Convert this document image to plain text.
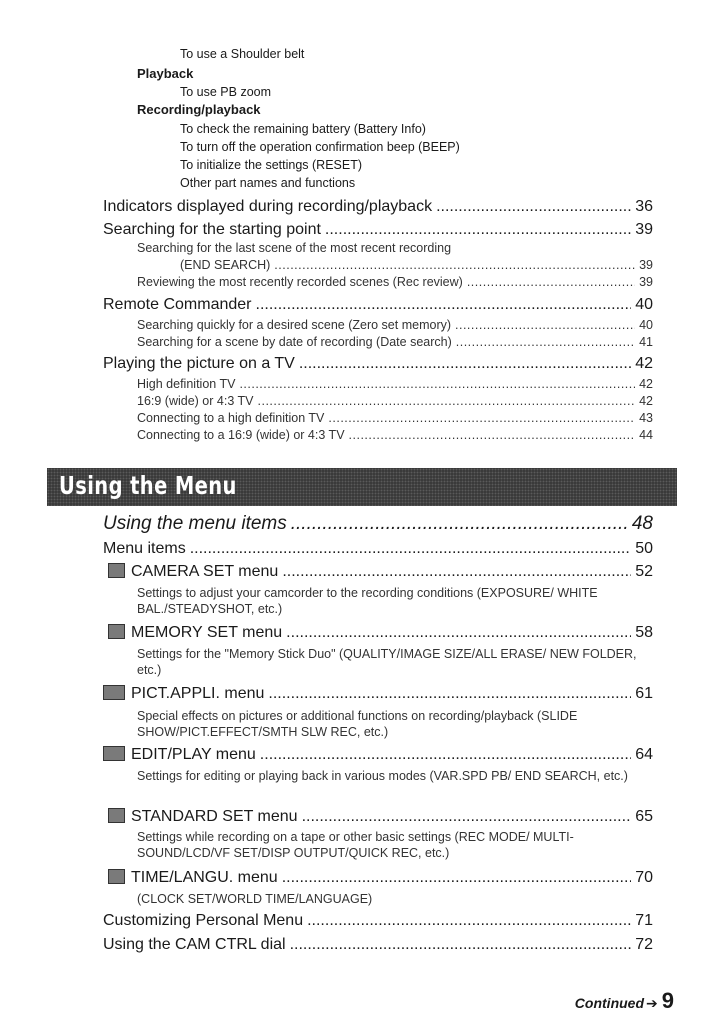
To use a Shoulder belt
Playback
To use PB zoom
Recording/playback
To check the remaining battery (Battery Info)
To turn off the operation confirmation beep (BEEP)
To initialize the settings (RESET)
Other part names and functions
Indicators displayed during recording/playback .....	36
Searching for the starting point .....	39
Searching for the last scene of the most recent recording
(END SEARCH) .....	39
Reviewing the most recently recorded scenes (Rec review) .....	39
Remote Commander .....	40
Searching quickly for a desired scene (Zero set memory) .....	40
Searching for a scene by date of recording (Date search) .....	41
Playing the picture on a TV .....	42
High definition TV .....	42
16:9 (wide) or 4:3 TV .....	42
Connecting to a high definition TV .....	43
Connecting to a 16:9 (wide) or 4:3 TV .....	44
Using the Menu
Using the menu items .....	48
Menu items .....	50
CAMERA SET menu .....	52
Settings to adjust your camcorder to the recording conditions (EXPOSURE/ WHITE BAL./STEADYSHOT, etc.)
MEMORY SET menu .....	58
Settings for the "Memory Stick Duo" (QUALITY/IMAGE SIZE/ALL ERASE/ NEW FOLDER, etc.)
PICT.APPLI. menu .....	61
Special effects on pictures or additional functions on recording/playback (SLIDE SHOW/PICT.EFFECT/SMTH SLW REC, etc.)
EDIT/PLAY menu .....	64
Settings for editing or playing back in various modes (VAR.SPD PB/ END SEARCH, etc.)
STANDARD SET menu .....	65
Settings while recording on a tape or other basic settings (REC MODE/ MULTI-SOUND/LCD/VF SET/DISP OUTPUT/QUICK REC, etc.)
TIME/LANGU. menu .....	70
(CLOCK SET/WORLD TIME/LANGUAGE)
Customizing Personal Menu .....	71
Using the CAM CTRL dial .....	72
Continued ➔ 9
